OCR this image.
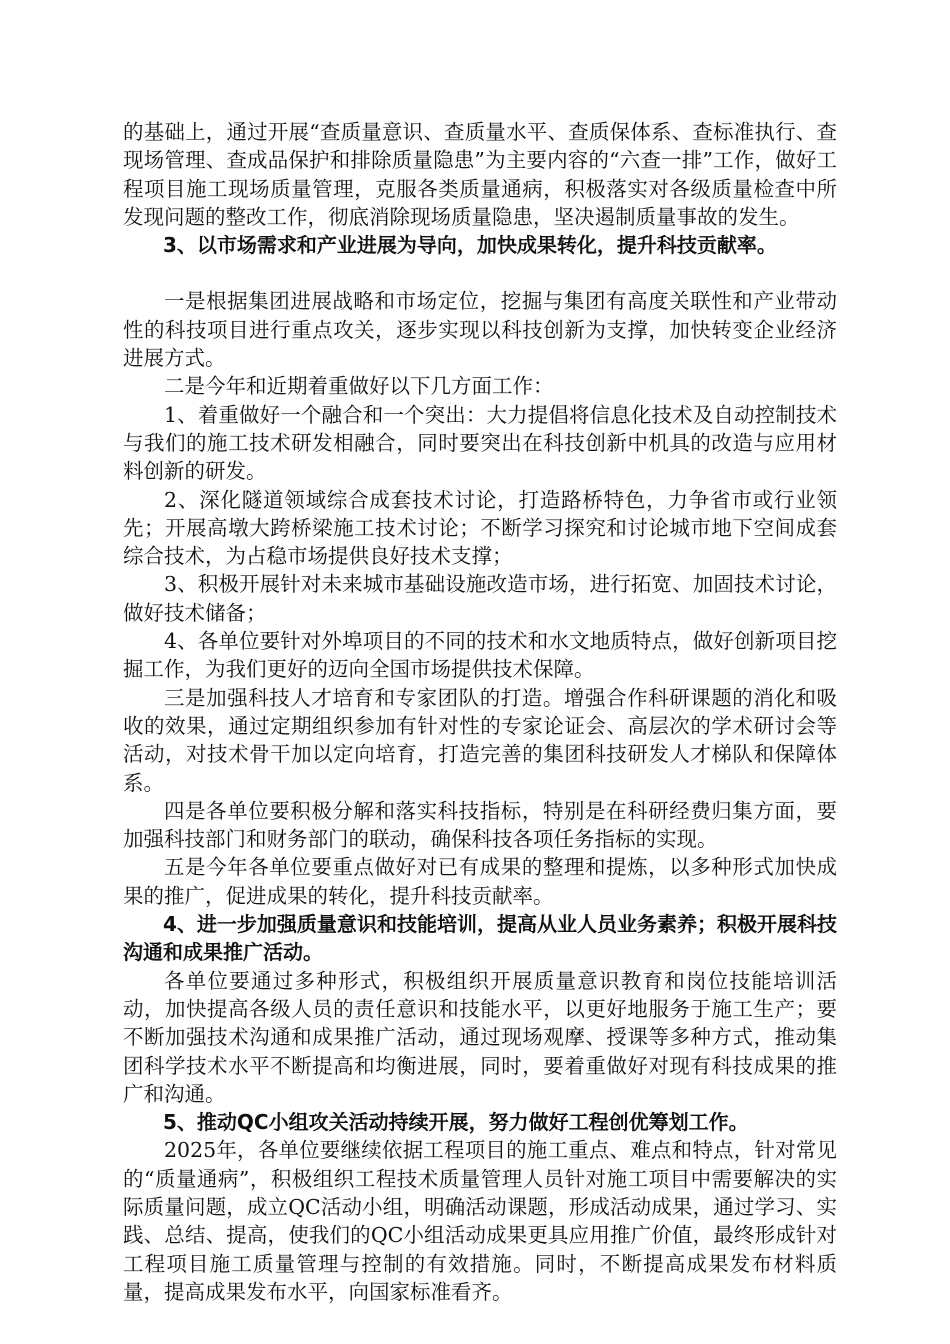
的基础上，通过开展“查质量意识、查质量水平、查质保体系、查标准执行、查现场管理、查成品保护和排除质量隐患”为主要内容的“六查一排”工作，做好工程项目施工现场质量管理，克服各类质量通病，积极落实对各级质量检查中所发现问题的整改工作，彻底消除现场质量隐患，坚决遏制质量事故的发生。

3、以市场需求和产业进展为导向，加快成果转化，提升科技贡献率。

一是根据集团进展战略和市场定位，挖掘与集团有高度关联性和产业带动性的科技项目进行重点攻关，逐步实现以科技创新为支撑，加快转变企业经济进展方式。

二是今年和近期着重做好以下几方面工作：

1、着重做好一个融合和一个突出：大力提倡将信息化技术及自动控制技术与我们的施工技术研发相融合，同时要突出在科技创新中机具的改造与应用材料创新的研发。

2、深化隧道领域综合成套技术讨论，打造路桥特色，力争省市或行业领先；开展高墩大跨桥梁施工技术讨论；不断学习探究和讨论城市地下空间成套综合技术，为占稳市场提供良好技术支撑；

3、积极开展针对未来城市基础设施改造市场，进行拓宽、加固技术讨论，做好技术储备；

4、各单位要针对外埠项目的不同的技术和水文地质特点，做好创新项目挖掘工作，为我们更好的迈向全国市场提供技术保障。

三是加强科技人才培育和专家团队的打造。增强合作科研课题的消化和吸收的效果，通过定期组织参加有针对性的专家论证会、高层次的学术研讨会等活动，对技术骨干加以定向培育，打造完善的集团科技研发人才梯队和保障体系。

四是各单位要积极分解和落实科技指标，特别是在科研经费归集方面，要加强科技部门和财务部门的联动，确保科技各项任务指标的实现。

五是今年各单位要重点做好对已有成果的整理和提炼，以多种形式加快成果的推广，促进成果的转化，提升科技贡献率。

4、进一步加强质量意识和技能培训，提高从业人员业务素养；积极开展科技沟通和成果推广活动。

各单位要通过多种形式，积极组织开展质量意识教育和岗位技能培训活动，加快提高各级人员的责任意识和技能水平，以更好地服务于施工生产；要不断加强技术沟通和成果推广活动，通过现场观摩、授课等多种方式，推动集团科学技术水平不断提高和均衡进展，同时，要着重做好对现有科技成果的推广和沟通。

5、推动QC小组攻关活动持续开展，努力做好工程创优筹划工作。

2025年，各单位要继续依据工程项目的施工重点、难点和特点，针对常见的“质量通病”，积极组织工程技术质量管理人员针对施工项目中需要解决的实际质量问题，成立QC活动小组，明确活动课题，形成活动成果，通过学习、实践、总结、提高，使我们的QC小组活动成果更具应用推广价值，最终形成针对工程项目施工质量管理与控制的有效措施。同时，不断提高成果发布材料质量，提高成果发布水平，向国家标准看齐。
